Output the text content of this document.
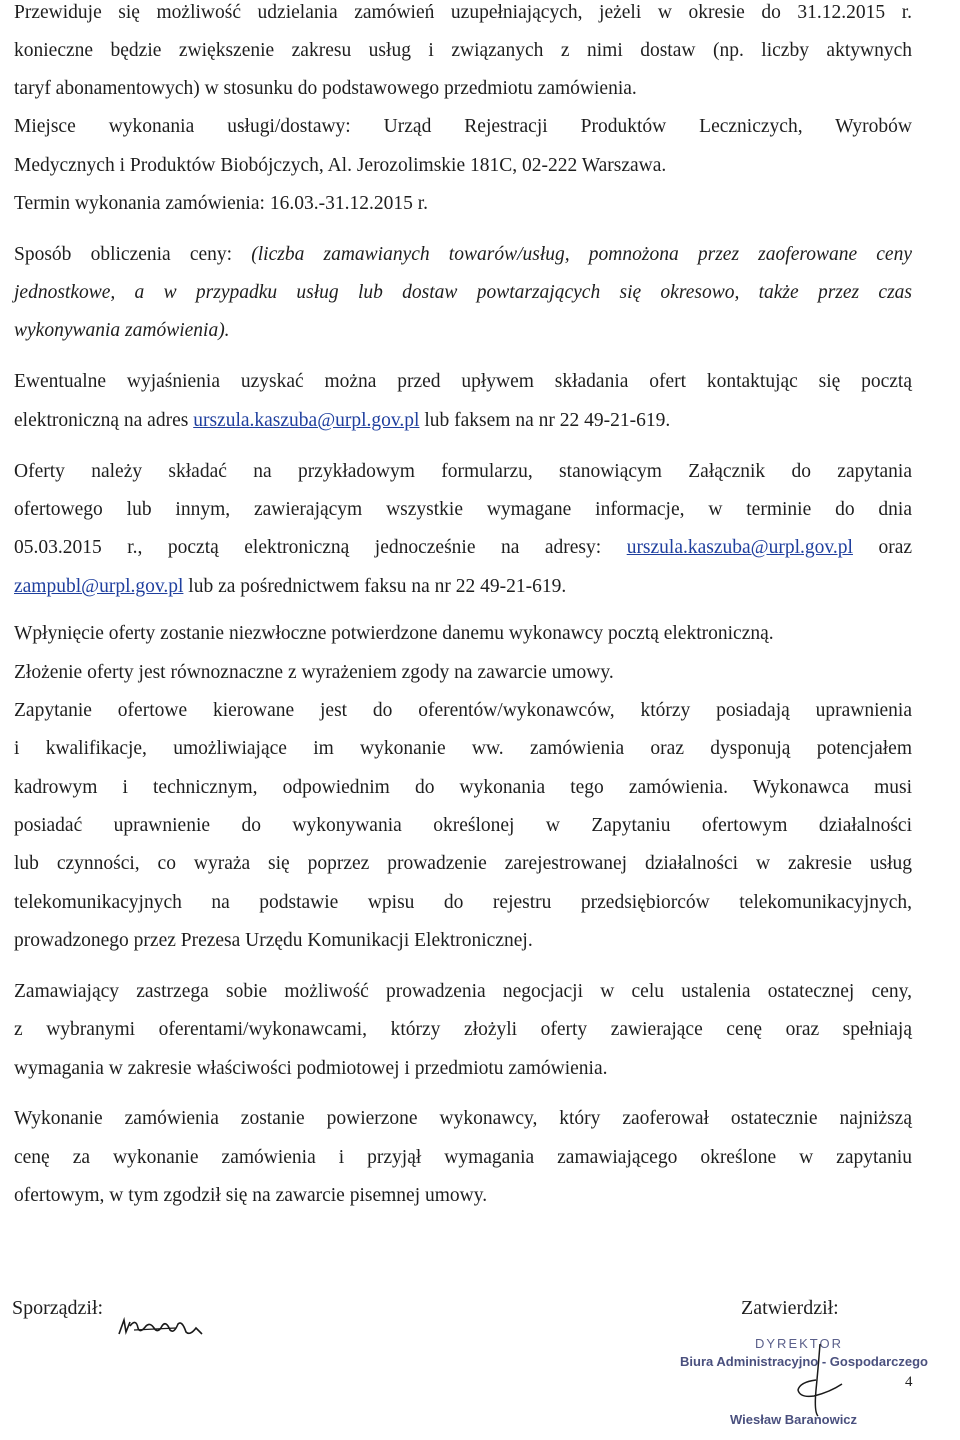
Przewiduje się możliwość udzielania zamówień uzupełniających, jeżeli w okresie do 31.12.2015 r.
konieczne będzie zwiększenie zakresu usług i związanych z nimi dostaw (np. liczby aktywnych
taryf abonamentowych) w stosunku do podstawowego przedmiotu zamówienia.
Miejsce wykonania usługi/dostawy: Urząd Rejestracji Produktów Leczniczych, Wyrobów
Medycznych i Produktów Biobójczych, Al. Jerozolimskie 181C, 02-222 Warszawa.
Termin wykonania zamówienia: 16.03.-31.12.2015 r.
Sposób obliczenia ceny: (liczba zamawianych towarów/usług, pomnożona przez zaoferowane ceny
jednostkowe, a w przypadku usług lub dostaw powtarzających się okresowo, także przez czas
wykonywania zamówienia).
Ewentualne wyjaśnienia uzyskać można przed upływem składania ofert kontaktując się pocztą
elektroniczną na adres urszula.kaszuba@urpl.gov.pl lub faksem na nr 22 49-21-619.
Oferty należy składać na przykładowym formularzu, stanowiącym Załącznik do zapytania
ofertowego lub innym, zawierającym wszystkie wymagane informacje, w terminie do dnia
05.03.2015 r., pocztą elektroniczną jednocześnie na adresy: urszula.kaszuba@urpl.gov.pl oraz
zampubl@urpl.gov.pl lub za pośrednictwem faksu na nr 22 49-21-619.
Wpłynięcie oferty zostanie niezwłoczne potwierdzone danemu wykonawcy pocztą elektroniczną.
Złożenie oferty jest równoznaczne z wyrażeniem zgody na zawarcie umowy.
Zapytanie ofertowe kierowane jest do oferentów/wykonawców, którzy posiadają uprawnienia
i kwalifikacje, umożliwiające im wykonanie ww. zamówienia oraz dysponują potencjałem
kadrowym i technicznym, odpowiednim do wykonania tego zamówienia. Wykonawca musi
posiadać uprawnienie do wykonywania określonej w Zapytaniu ofertowym działalności
lub czynności, co wyraża się poprzez prowadzenie zarejestrowanej działalności w zakresie usług
telekomunikacyjnych na podstawie wpisu do rejestru przedsiębiorców telekomunikacyjnych,
prowadzonego przez Prezesa Urzędu Komunikacji Elektronicznej.
Zamawiający zastrzega sobie możliwość prowadzenia negocjacji w celu ustalenia ostatecznej ceny,
z wybranymi oferentami/wykonawcami, którzy złożyli oferty zawierające cenę oraz spełniają
wymagania w zakresie właściwości podmiotowej i przedmiotu zamówienia.
Wykonanie zamówienia zostanie powierzone wykonawcy, który zaoferował ostatecznie najniższą
cenę za wykonanie zamówienia i przyjął wymagania zamawiającego określone w zapytaniu
ofertowym, w tym zgodził się na zawarcie pisemnej umowy.
Sporządził:	Zatwierdził:
DYREKTOR
Biura Administracyjno - Gospodarczego
Wiesław Baranowicz
4
